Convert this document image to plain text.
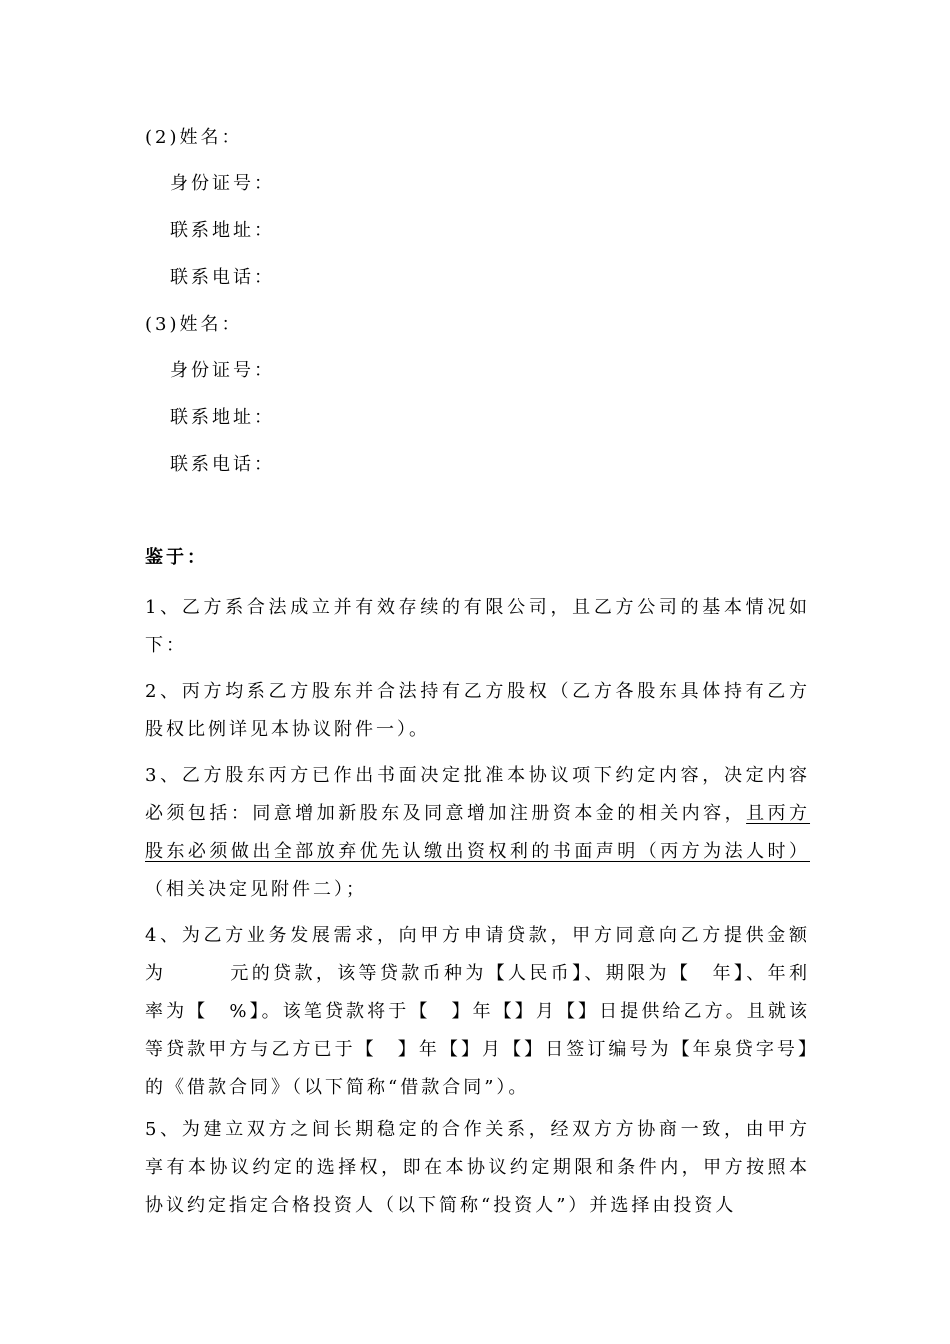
(2)姓名：
身份证号：
联系地址：
联系电话：
(3)姓名：
身份证号：
联系地址：
联系电话：
鉴于：
1、乙方系合法成立并有效存续的有限公司，且乙方公司的基本情况如下：
2、丙方均系乙方股东并合法持有乙方股权（乙方各股东具体持有乙方股权比例详见本协议附件一）。
3、乙方股东丙方已作出书面决定批准本协议项下约定内容，决定内容必须包括：同意增加新股东及同意增加注册资本金的相关内容，且丙方股东必须做出全部放弃优先认缴出资权利的书面声明（丙方为法人时）（相关决定见附件二）；
4、为乙方业务发展需求，向甲方申请贷款，甲方同意向乙方提供金额为　　　元的贷款，该等贷款币种为【人民币】、期限为【　年】、年利率为【　%】。该笔贷款将于【　】年【】月【】日提供给乙方。且就该等贷款甲方与乙方已于【　】年【】月【】日签订编号为【年泉贷字号】的《借款合同》（以下简称“借款合同”）。
5、为建立双方之间长期稳定的合作关系，经双方方协商一致，由甲方享有本协议约定的选择权，即在本协议约定期限和条件内，甲方按照本协议约定指定合格投资人（以下简称“投资人”）并选择由投资人
